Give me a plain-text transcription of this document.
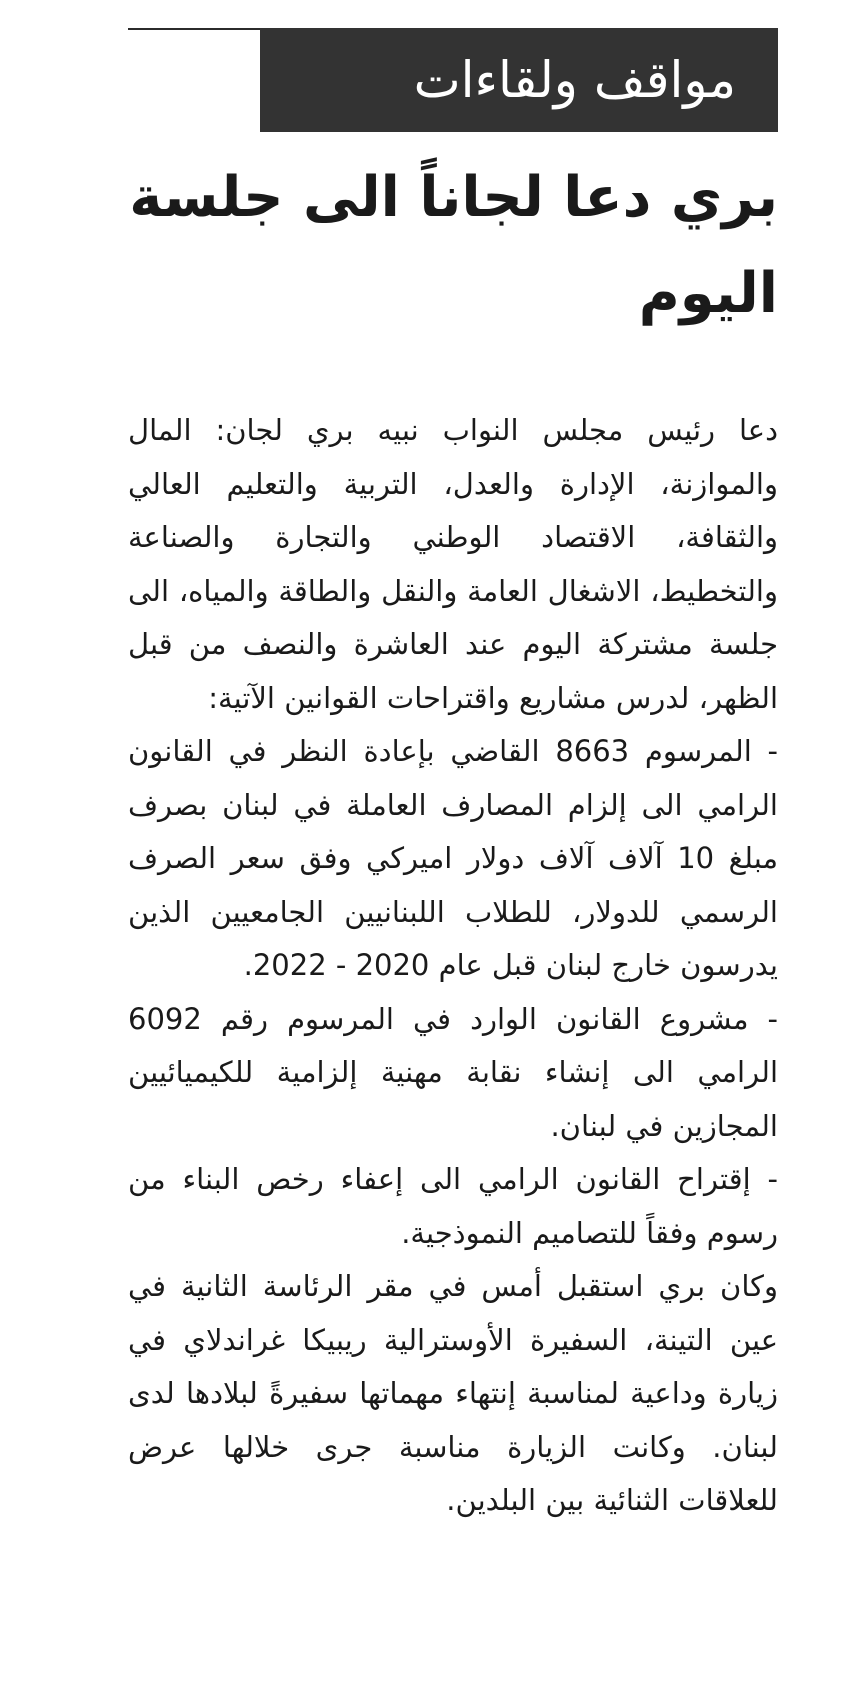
مواقف ولقاءات
بري دعا لجاناً الى جلسة اليوم

دعا رئيس مجلس النواب نبيه بري لجان: المال والموازنة، الإدارة والعدل، التربية والتعليم العالي والثقافة، الاقتصاد الوطني والتجارة والصناعة والتخطيط، الاشغال العامة والنقل والطاقة والمياه، الى جلسة مشتركة اليوم عند العاشرة والنصف من قبل الظهر، لدرس مشاريع واقتراحات القوانين الآتية:

- المرسوم 8663 القاضي بإعادة النظر في القانون الرامي الى إلزام المصارف العاملة في لبنان بصرف مبلغ 10 آلاف آلاف دولار اميركي وفق سعر الصرف الرسمي للدولار، للطلاب اللبنانيين الجامعيين الذين يدرسون خارج لبنان قبل عام 2020 - 2022.

- مشروع القانون الوارد في المرسوم رقم 6092 الرامي الى إنشاء نقابة مهنية إلزامية للكيميائيين المجازين في لبنان.

- إقتراح القانون الرامي الى إعفاء رخص البناء من رسوم وفقاً للتصاميم النموذجية.

وكان بري استقبل أمس في مقر الرئاسة الثانية في عين التينة، السفيرة الأوسترالية ريبيكا غراندلاي في زيارة وداعية لمناسبة إنتهاء مهماتها سفيرةً لبلادها لدى لبنان. وكانت الزيارة مناسبة جرى خلالها عرض للعلاقات الثنائية بين البلدين.
